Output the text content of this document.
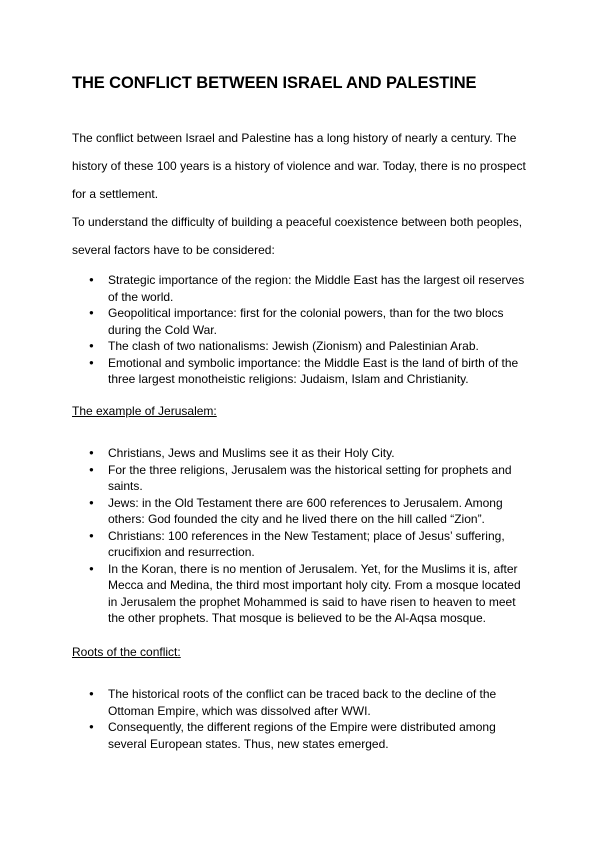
THE CONFLICT BETWEEN ISRAEL AND PALESTINE

The conflict between Israel and Palestine has a long history of nearly a century. The history of these 100 years is a history of violence and war. Today, there is no prospect for a settlement.

To understand the difficulty of building a peaceful coexistence between both peoples, several factors have to be considered:

● Strategic importance of the region: the Middle East has the largest oil reserves of the world.
● Geopolitical importance: first for the colonial powers, than for the two blocs during the Cold War.
● The clash of two nationalisms: Jewish (Zionism) and Palestinian Arab.
● Emotional and symbolic importance: the Middle East is the land of birth of the three largest monotheistic religions: Judaism, Islam and Christianity.
The example of Jerusalem:
● Christians, Jews and Muslims see it as their Holy City.
● For the three religions, Jerusalem was the historical setting for prophets and saints.
● Jews: in the Old Testament there are 600 references to Jerusalem. Among others: God founded the city and he lived there on the hill called “Zion”.
● Christians: 100 references in the New Testament; place of Jesus’ suffering, crucifixion and resurrection.
● In the Koran, there is no mention of Jerusalem. Yet, for the Muslims it is, after Mecca and Medina, the third most important holy city. From a mosque located in Jerusalem the prophet Mohammed is said to have risen to heaven to meet the other prophets. That mosque is believed to be the Al-Aqsa mosque.
Roots of the conflict:
● The historical roots of the conflict can be traced back to the decline of the Ottoman Empire, which was dissolved after WWI.
● Consequently, the different regions of the Empire were distributed among several European states. Thus, new states emerged.
